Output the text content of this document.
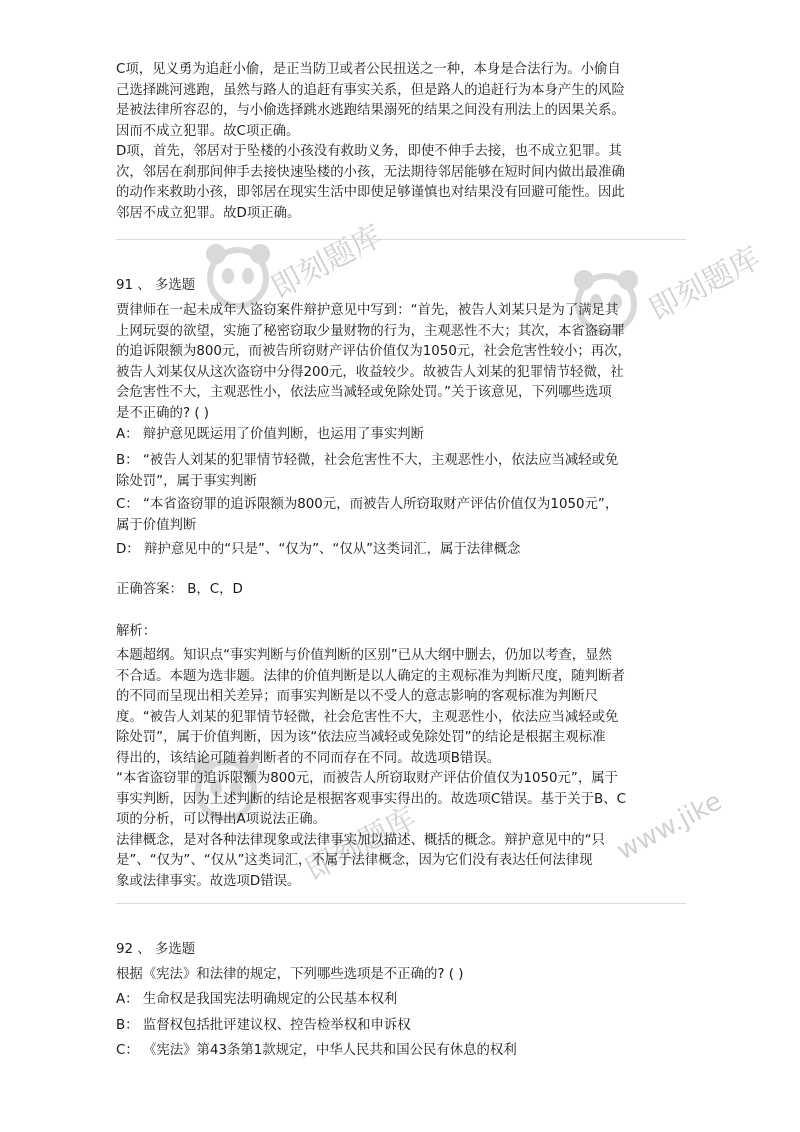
即刻题库	即刻题库
即刻题库	www.jike
C项，见义勇为追赶小偷，是正当防卫或者公民扭送之一种，本身是合法行为。小偷自
己选择跳河逃跑，虽然与路人的追赶有事实关系，但是路人的追赶行为本身产生的风险
是被法律所容忍的，与小偷选择跳水逃跑结果溺死的结果之间没有刑法上的因果关系。
因而不成立犯罪。故C项正确。
D项，首先，邻居对于坠楼的小孩没有救助义务，即使不伸手去接，也不成立犯罪。其
次，邻居在刹那间伸手去接快速坠楼的小孩，无法期待邻居能够在短时间内做出最准确
的动作来救助小孩，即邻居在现实生活中即使足够谨慎也对结果没有回避可能性。因此
邻居不成立犯罪。故D项正确。
91 、 多选题
贾律师在一起未成年人盗窃案件辩护意见中写到：“首先，被告人刘某只是为了满足其
上网玩耍的欲望，实施了秘密窃取少量财物的行为，主观恶性不大；其次，本省盗窃罪
的追诉限额为800元，而被告所窃财产评估价值仅为1050元，社会危害性较小；再次，
被告人刘某仅从这次盗窃中分得200元，收益较少。故被告人刘某的犯罪情节轻微，社
会危害性不大，主观恶性小，依法应当减轻或免除处罚。”关于该意见，下列哪些选项
是不正确的? ( )
A： 辩护意见既运用了价值判断，也运用了事实判断
B： “被告人刘某的犯罪情节轻微，社会危害性不大，主观恶性小，依法应当减轻或免
除处罚”，属于事实判断
C： “本省盗窃罪的追诉限额为800元，而被告人所窃取财产评估价值仅为1050元”，
属于价值判断
D： 辩护意见中的“只是”、“仅为”、“仅从”这类词汇，属于法律概念
正确答案： B，C，D
解析：
本题超纲。知识点“事实判断与价值判断的区别”已从大纲中删去，仍加以考查，显然
不合适。本题为选非题。法律的价值判断是以人确定的主观标准为判断尺度，随判断者
的不同而呈现出相关差异；而事实判断是以不受人的意志影响的客观标准为判断尺
度。“被告人刘某的犯罪情节轻微，社会危害性不大，主观恶性小，依法应当减轻或免
除处罚”，属于价值判断，因为该“依法应当减轻或免除处罚”的结论是根据主观标准
得出的，该结论可随着判断者的不同而存在不同。故选项B错误。
“本省盗窃罪的追诉限额为800元，而被告人所窃取财产评估价值仅为1050元”，属于
事实判断，因为上述判断的结论是根据客观事实得出的。故选项C错误。基于关于B、C
项的分析，可以得出A项说法正确。
法律概念，是对各种法律现象或法律事实加以描述、概括的概念。辩护意见中的“只
是”、“仅为”、“仅从”这类词汇，不属于法律概念，因为它们没有表达任何法律现
象或法律事实。故选项D错误。
92 、 多选题
根据《宪法》和法律的规定，下列哪些选项是不正确的? ( )
A： 生命权是我国宪法明确规定的公民基本权利
B： 监督权包括批评建议权、控告检举权和申诉权
C： 《宪法》第43条第1款规定，中华人民共和国公民有休息的权利
